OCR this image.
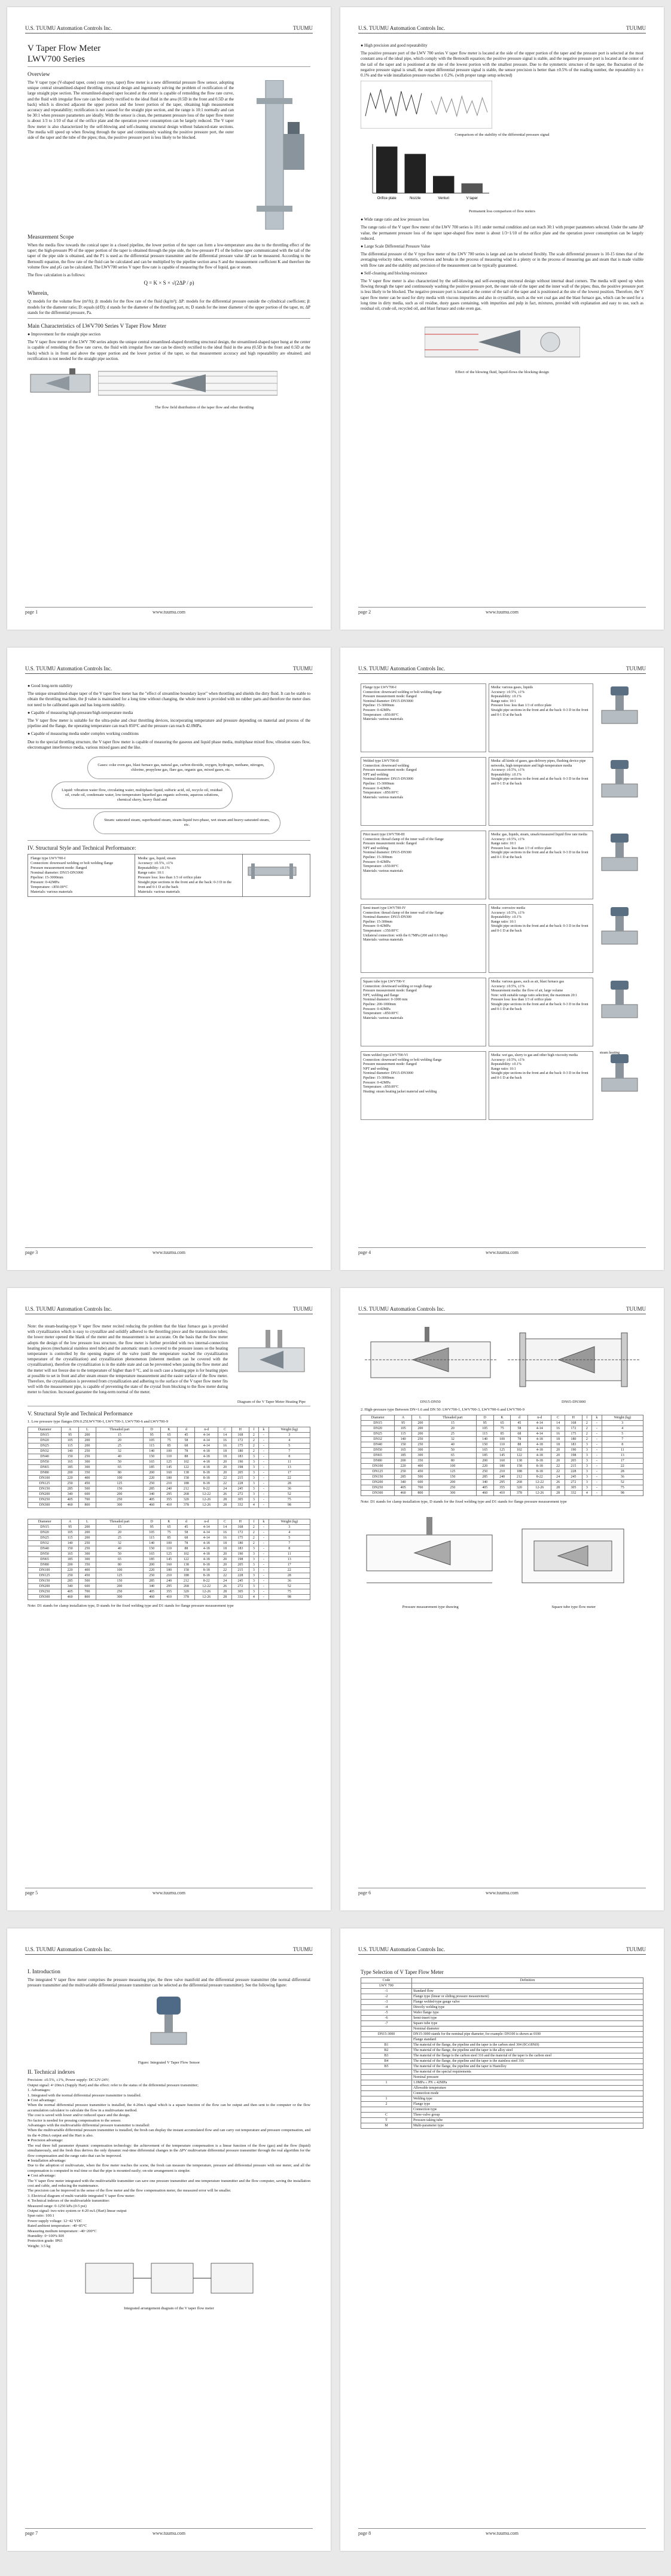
U.S. TUUMU Automation Controls Inc.	TUUMU
V Taper Flow Meter
LWV700 Series
Overview

The V taper type (V-shaped taper, cone) cone type, taper) flow meter is a new differential pressure flow sensor, adopting unique central streamlined-shaped throttling structural design and ingeniously solving the problem of rectification of the large straight pipe section. The streamlined-shaped taper located at the center is capable of remolding the flow rate curve, and the fluid with irregular flow rate can be directly rectified to the ideal fluid in the area (0.5D in the front and 0.5D at the back) which is directed adjacent the upper portion and the lower portion of the taper, obtaining high measurement accuracy and repeatability; rectification is not caused for the straight pipe section, and the range is 10:1 normally and can be 30:1 when pressure parameters are ideally. With the sensor is clean, the permanent pressure loss of the taper flow meter is about 1/3 to 1/10 of that of the orifice plate and the operation power consumption can be largely reduced. The V taper flow meter is also characterized by the self-blowing and self-cleaning structural design without balanced-state sections. The media will speed up when flowing through the taper and continuously washing the positive pressure port, the outer side of the taper and the tube of the pipes; thus, the positive pressure port is less likely to be blocked.

Measurement Scope

When the media flow towards the conical taper in a closed pipeline, the lower portion of the taper can form a low-temperature area due to the throttling effect of the taper; the high-pressure P0 of the upper portion of the taper is obtained through the pipe side, the low-pressure P1 of the hollow taper communicated with the tail of the taper of the pipe side is obtained, and the P1 is used as the differential pressure transmitter and the differential pressure value ΔP can be measured. According to the Bernoulli equation, the flow rate of the fluid can be calculated and can be multiplied by the pipeline section area S and the measurement coefficient K and therefore the volume flow and ρG can be calculated. The LWV700 series V taper flow rate is capable of measuring the flow of liquid, gas or steam.

The flow calculation is as follows:

Q = K × S × √(2ΔP / ρ)

Wherein,

Q: models for the volume flow (m³/h); β: models for the flow rate of the fluid (kg/m³); ΔP: models for the differential pressure outside the cylindrical coefficient; β: models for the diameter ratio; D: equals (d/D); d stands for the diameter of the throttling part, m; D stands for the inner diameter of the upper portion of the taper, m; ΔP stands for the differential pressure, Pa.

Main Characteristics of LWV700 Series V Taper Flow Meter

● Improvement for the straight pipe section

The V taper flow meter of the LWV 700 series adopts the unique central streamlined-shaped throttling structural design, the streamlined-shaped taper hung at the center is capable of remolding the flow rate curve, the fluid with irregular flow rate can be directly rectified to the ideal fluid in the area (0.5D in the front and 0.5D at the back) which is in front and above the upper portion and the lower portion of the taper, so that measurement accuracy and high repeatability are obtained; and rectification is not needed for the straight pipe section.

The flow field distribution of the taper flow and other throttling
page 1	www.tuumu.com
U.S. TUUMU Automation Controls Inc.	TUUMU

● High precision and good repeatability

The positive pressure port of the LWV 700 series V taper flow meter is located at the side of the upper portion of the taper and the pressure port is selected at the most constant area of the ideal pipe, which comply with the Bernoulli equation; the positive pressure signal is stable, and the negative pressure port is located at the center of the tail of the taper and is positioned at the site of the lowest portion with the smallest pressure. Due to the symmetric structure of the taper, the fluctuation of the negative pressure signal is small, the output differential pressure signal is stable, the sensor precision is better than ±0.5% of the reading number, the repeatability is ± 0.1% and the wide installation pressure reaches ± 0.2%. (with proper range setup selected)

Comparison of the stability of the differential pressure signal
Orifice plate	Nozzle	Venturi	V taper
Permanent loss comparison of flow meters

● Wide range ratio and low pressure loss

The range ratio of the V taper flow meter of the LWV 700 series is 10:1 under normal condition and can reach 30:1 with proper parameters selected. Under the same ΔP value, the permanent pressure loss of the taper taper-shaped flow meter is about 1/3~1/10 of the orifice plate and the operation power consumption can be largely reduced.

● Large Scale Differential Pressure Value

The differential pressure of the V type flow meter of the LWV 700 series is large and can be selected flexibly. The scale differential pressure is 10-15 times that of the averaging-velocity tubes, venturis, vortexes and breaks in the process of measuring wind in a plenty or in the process of measuring gas and steam that is made visible with flow rate and the stability and precision of the measurement can be typically guaranteed.

● Self-cleaning and blocking-resistance

The V taper flow meter is also characterized by the self-blowing and self-sweeping structural design without internal dead corners. The media will speed up when flowing through the taper and continuously washing the positive pressure port, the outer side of the taper and the inner wall of the pipes; thus, the positive pressure port is less likely to be blocked. The negative pressure port is located at the center of the tail of the taper and is positioned at the site of the lowest position. Therefore, the V taper flow meter can be used for dirty media with viscous impurities and also in crystallize, such as the wet coal gas and the blast furnace gas, which can be used for a long time in dirty media, such as oil residue, dusty gases containing, with impurities and pulp in fact, mixtures, provided with explanation and easy to use, such as residual oil, crude oil, recycled oil, and blast furnace and coke oven gas.

Effect of the blowing fluid, liquid-flows the blocking design
page 2	www.tuumu.com
U.S. TUUMU Automation Controls Inc.	TUUMU

● Good long-term stability

The unique streamlined-shape taper of the V taper flow meter has the "effect of streamline boundary layer" when throttling and shields the dirty fluid. It can be stable to obtain the throttling machine, the β value is maintained for a long time without changing, the whole meter is provided with no rubber parts and therefore the meter does not need to be calibrated again and has long-term stability.

● Capable of measuring high-pressure/high-temperature media

The V taper flow meter is suitable for the ultra-pulse and clear throttling devices, incorporating temperature and pressure depending on material and process of the pipeline and the flange, the operating temperature can reach 850°C and the pressure can reach 42.0MPa.

● Capable of measuring media under complex working conditions

Due to the special throttling structure, the V taper flow meter is capable of measuring the gaseous and liquid phase media, multiphase mixed flow, vibration states flow, electromagnet interference media, various mixed gases and the like.

Gases: coke oven gas, blast furnace gas, natural gas, carbon dioxide, oxygen, hydrogen, methane, nitrogen, chlorine, propylene gas, flare gas, organic gas, mixed gases, etc.
Liquid: vibration water flow, circulating water, multiphase liquid, sulfuric acid, oil, recycle oil, residual oil, crude oil, condensate water, low-temperature liquefied gas organic solvents, aqueous solutions, chemical slurry, heavy fluid and
Steam: saturated steam, superheated steam, steam-liquid two-phase, wet steam and heavy-saturated steam, etc.
IV. Structural Style and Technical Performance:
Flange type LWV700-I
Connection: downward welding or bolt welding flange
Pressure measurement mode: flanged
Nominal diameter: DN15-DN3000
Pipeline: 15-3000mm
Pressure: 0-42MPa
Temperature: ≤850.00°C
Materials: various materials	Media: gas, liquid, steam
Accuracy: ±0.5%, ±1%
Repeatability: ±0.1%
Range ratio: 10:1
Pressure loss: less than 1/3 of orifice plate
Straight pipe sections in the front and at the back: 0-3 D in the front and 0-1 D at the back
Materials: various materials	
page 3	www.tuumu.com
U.S. TUUMU Automation Controls Inc.	TUUMU
Flange type LWV700-I
Connection: downward welding or bolt welding flange
Pressure measurement mode: flanged
Nominal diameter: DN15-DN3000
Pipeline: 15-3000mm
Pressure: 0-42MPa
Temperature: ≤850.00°C
Materials: various materials
Media: various gases, liquids
Accuracy: ±0.5%, ±1%
Repeatability: ±0.1%
Range ratio: 10:1
Pressure loss: less than 1/3 of orifice plate
Straight pipe sections in the front and at the back: 0-3 D in the front and 0-1 D at the back
Welded type LWV700-II
Connection: downward welding
Pressure measurement mode: flanged
NPT and welding
Nominal diameter: DN15-DN3000
Pipeline: 15-3000mm
Pressure: 0-42MPa
Temperature: ≤850.00°C
Materials: various materials
Media: all kinds of gases, gas-delivery pipes, flushing device pipe networks, high-temperature and high-temperature media
Accuracy: ±0.5%, ±1%
Repeatability: ±0.1%
Straight pipe sections in the front and at the back: 0-3 D in the front and 0-1 D at the back
Pitot insert type LWV700-III
Connection: thread clamp of the inner wall of the flange
Pressure measurement mode: flanged
NPT and welding
Nominal diameter: DN15-DN300
Pipeline: 15-300mm
Pressure: 0-42MPa
Temperature: ≤650.00°C
Materials: various materials
Media: gas, liquids, steam, unsafe/measured liquid flow rate media
Accuracy: ±0.5%, ±1%
Range ratio: 10:1
Pressure loss: less than 1/3 of orifice plate
Straight pipe sections in the front and at the back: 0-3 D in the front and 0-1 D at the back
Semi-insert type LWV700-IV
Connection: thread clamp of the inner wall of the flange
Nominal diameter: DN15-DN300
Pipeline: 15-300mm
Pressure: 0-42MPa
Temperature: ≤350.00°C
Unilateral connection: with the 0.7MPa (200 and 0.6 Mpa)
Materials: various materials
Media: corrosive media
Accuracy: ±0.5%, ±1%
Repeatability: ±0.1%
Range ratio: 10:1
Straight pipe sections in the front and at the back: 0-3 D in the front and 0-1 D at the back
Square tube type LWV700-V
Connection: downward welding or rough flange
Pressure measurement mode: flanged
NPT, welding and flange
Nominal diameter: 0-1000 mm
Pipeline: 200-1000mm
Pressure: 0-42MPa
Temperature: ≤850.00°C
Materials: various materials
Media: various gases, such as air, blast furnace gas
Accuracy: ±0.5%, ±1%
Measurement media: the flow of air, large volume
Note: with suitable range ratio selection; the maximum 20:1
Pressure loss: less than 1/3 of orifice plate
Straight pipe sections in the front and at the back: 0-3 D in the front and 0-1 D at the back
Stem welded type LWV700-VI
Connection: downward welding or bolt welding flange
Pressure measurement mode: flanged
NPT and welding
Nominal diameter: DN15-DN3000
Pipeline: 15-3000mm
Pressure: 0-42MPa
Temperature: ≤850.00°C
Heating: steam heating jacket material and welding
Media: wet gas, slurry to gas and other high-viscosity media
Accuracy: ±0.5%, ±1%
Repeatability: ±0.1%
Range ratio: 10:1
Straight pipe sections in the front and at the back: 0-3 D in the front and 0-1 D at the back
steam heating
page 4	www.tuumu.com
U.S. TUUMU Automation Controls Inc.	TUUMU

Note: the steam-heating-type V taper flow meter recited reducing the problem that the blast furnace gas is provided with crystallization which is easy to crystallize and solidify adhered to the throttling piece and the transmission tubes; the lower meter opened the blank of the meter and the measurement is not accurate. On the basis that the flow meter adopts the design of the low pressure loss structure, the flow meter is further provided with two internal-connection heating pieces (mechanical stainless steel tube) and the automatic steam is covered to the pressure issues so the heating temperature is controlled by the opening degree of the valve (until the temperature reached the crystallization temperature of the crystallization) and crystallization phenomenon (inherent medium can be covered with the crystallization), therefore the crystallization is in the stable state and can be prevented when passing the flow meter and the meter will not freeze due to the temperature of higher than 0 °C, and in such case a heating pipe is for heating pipes at possible to set in front and after steam ensure the temperature measurement and the easier surface of the flow meter. Therefore, the crystallization is prevented from crystallization and adhering to the surface of the V taper flow meter fits well with the measurement pipe, is capable of preventing the state of the crystal from blocking to the flow meter during meter to function. Increased guarantee the long-term normal of the meter.

Diagram of the V Taper Meter Heating Pipe
V. Structural Style and Technical Performance

1. Low pressure type flanges DN:0.25LWV700-I, LWV700-3, LWV700-6 and LWV700-9

Diameter	A	L	Threaded part	D	K	d	n-d	C	H	f	k	Weight (kg)
DN15	95	200	15	95	65	45	4-14	14	168	2	-	3
DN20	105	200	20	105	75	58	4-14	16	172	2	-	4
DN25	115	200	25	115	85	68	4-14	16	175	2	-	5
DN32	140	250	32	140	100	78	4-18	18	180	2	-	7
DN40	150	250	40	150	110	88	4-18	18	183	3	-	8
DN50	165	300	50	165	125	102	4-18	20	190	3	-	11
DN65	185	300	65	185	145	122	4-18	20	198	3	-	13
DN80	200	350	80	200	160	138	8-18	20	205	3	-	17
DN100	220	400	100	220	180	158	8-18	22	215	3	-	22
DN125	250	450	125	250	210	188	8-18	22	228	3	-	28
DN150	285	500	150	285	240	212	8-22	24	245	3	-	36
DN200	340	600	200	340	295	268	12-22	26	272	3	-	52
DN250	405	700	250	405	355	320	12-26	28	305	3	-	75
DN300	460	800	300	460	410	378	12-26	28	332	4	-	98
Diameter	A	L	Threaded part	D	K	d	n-d	C	H	f	k	Weight (kg)
DN15	95	200	15	95	65	45	4-14	14	168	2	-	3
DN20	105	200	20	105	75	58	4-14	16	172	2	-	4
DN25	115	200	25	115	85	68	4-14	16	175	2	-	5
DN32	140	250	32	140	100	78	4-18	18	180	2	-	7
DN40	150	250	40	150	110	88	4-18	18	183	3	-	8
DN50	165	300	50	165	125	102	4-18	20	190	3	-	11
DN65	185	300	65	185	145	122	4-18	20	198	3	-	13
DN80	200	350	80	200	160	138	8-18	20	205	3	-	17
DN100	220	400	100	220	180	158	8-18	22	215	3	-	22
DN125	250	450	125	250	210	188	8-18	22	228	3	-	28
DN150	285	500	150	285	240	212	8-22	24	245	3	-	36
DN200	340	600	200	340	295	268	12-22	26	272	3	-	52
DN250	405	700	250	405	355	320	12-26	28	305	3	-	75
DN300	460	800	300	460	410	378	12-26	28	332	4	-	98

Note: D1 stands for clamp installation type, D stands for the fixed welding type and D1 stands for flange pressure measurement type

page 5	www.tuumu.com
U.S. TUUMU Automation Controls Inc.	TUUMU
DN15-DN50	DN65-DN3000

2. High-pressure type Between DN=1.6 and DN 50: LWV700-1, LWV700-3, LWV700-6 and LWV700-9

Diameter	A	L	Threaded part	D	K	d	n-d	C	H	f	k	Weight (kg)
DN15	95	200	15	95	65	45	4-14	14	168	2	-	3
DN20	105	200	20	105	75	58	4-14	16	172	2	-	4
DN25	115	200	25	115	85	68	4-14	16	175	2	-	5
DN32	140	250	32	140	100	78	4-18	18	180	2	-	7
DN40	150	250	40	150	110	88	4-18	18	183	3	-	8
DN50	165	300	50	165	125	102	4-18	20	190	3	-	11
DN65	185	300	65	185	145	122	4-18	20	198	3	-	13
DN80	200	350	80	200	160	138	8-18	20	205	3	-	17
DN100	220	400	100	220	180	158	8-18	22	215	3	-	22
DN125	250	450	125	250	210	188	8-18	22	228	3	-	28
DN150	285	500	150	285	240	212	8-22	24	245	3	-	36
DN200	340	600	200	340	295	268	12-22	26	272	3	-	52
DN250	405	700	250	405	355	320	12-26	28	305	3	-	75
DN300	460	800	300	460	410	378	12-26	28	332	4	-	98

Note: D1 stands for clamp installation type, D stands for the fixed welding type and D1 stands for flange pressure measurement type

Pressure measurement type drawing	Square tube type flow meter
page 6	www.tuumu.com
U.S. TUUMU Automation Controls Inc.	TUUMU
I. Introduction

The integrated V taper flow meter comprises the pressure measuring pipe, the three valve manifold and the differential pressure transmitter (the normal differential pressure transmitter and the multivariable differential pressure transmitter can be selected as the differential pressure transmitter). See the following figure:

Figure: Integrated V Taper Flow Sensor
II. Technical indexes

Precision: ±0.5%, ±1%, Power supply: DC12V-24V;
Output signal: 4~20mA (Supply Hart) and the effect: refer to the status of the differential pressure transmitter;
1. Advantages:
1. Integrated with the normal differential pressure transmitter is installed.
● Cost advantage:
When the normal differential pressure transmitter is installed, the 4-20mA signal which is a square function of the flow can be output and then sent to the computer or the flow accumulation calculator to calculate the flow in a multivariate method.
The cost is saved with lower and/or reduced space and the design.
No factor is needed for pressing compensation to the sensor.
Advantages with the multivariable differential pressure transmitter is installed:
When the multivariable differential pressure transmitter is installed, the fresh can display the instant accumulated flow and can carry out temperature and pressure compensation, and its the 4-20mA output and the Hart is also.
● Precision advantage:
The real three full parameter dynamic compensation technology: the achievement of the temperature compensation is a linear function of the flow (gas) and the flow (liquid) simultaneously, and the fresh thus derives the only dynamic real-time differential changes in the ΔPV multivariate differential pressure transmitter through the real algorithm for the flow compensation and the range ratio that can be improved.
● Installation advantage:
Due to the adoption of multivariate, when the flow meter reaches the scene, the fresh can measure the temperature, pressure and differential pressure with one meter, and all the compensation is computed in real time so that the pipe is mounted easily; on-site arrangement is simpler.
● Cost advantage:
The V taper flow meter integrated with the multivariable transmitter can save one pressure transmitter and one temperature transmitter and the flow computer, saving the installation cost and cable, and reducing the maintenance.
The precision can be improved in the sense of the flow meter and the flow compensation meter, the measured error will be smaller.
3. Electrical diagram of multi-variable integrated V taper flow meter:
4. Technical indexes of the multivariable transmitter:
Measured range: 0-1250 kPa (0-5 psi)
Output signal: two-wire system or 4-20 mA (Hart) linear output
Span ratio: 100:1
Power supply voltage: 12~42 VDC
Rated ambient temperature: -40~85°C
Measuring medium temperature: -40~200°C
Humidity: 0~100% RH
Protection grade: IP65
Weight: 3.5 kg

Integrated arrangement diagram of the V taper flow meter
page 7	www.tuumu.com
U.S. TUUMU Automation Controls Inc.	TUUMU
Type Selection of V Taper Flow Meter
Code	Definition
LWV 700	
-1	Standard flow
-2	Flange type (linear or sliding pressure measurement)
-3	Flange welded-type gauge valve
-4	Directly welding type
-5	Wafer flange type
-6	Semi-insert type
-7	Square tube type
	Nominal diameter
DN15-3000	DN15-3000 stands for the nominal pipe diameter, for example: DN100 is shown as 0100
	Flange standard
B1	The material of the flange, the pipeline and the taper is the carbon steel 304 (0Cr18Ni9)
B2	The material of the flange, the pipeline and the taper is the alloy steel
B3	The material of the flange is the carbon steel 316 and the material of the taper is the carbon steel
B4	The material of the flange, the pipeline and the taper is the stainless steel 316
B5	The material of the flange, the pipeline and the taper is Hastelloy
	The material of the special requirements
	Nominal pressure
1	1.0MPa ≤ PN ≤ 42MPa
	Allowable temperature
	Connection mode
1	Welding type
2	Flange type
	Connection type
C	Three-valve group
T	Pressure-taking tube
M	Multi-parameter type
page 8	www.tuumu.com
